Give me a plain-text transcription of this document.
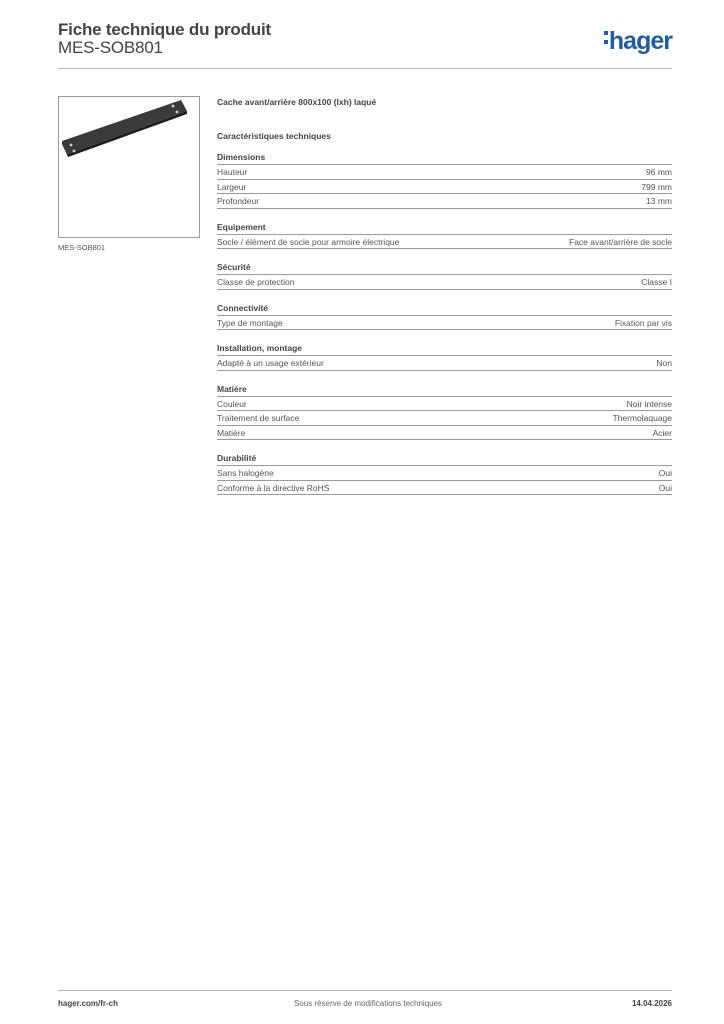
Fiche technique du produit
MES-SOB801	hager
MES-SOB801
Cache avant/arrière 800x100 (lxh) laqué
Caractéristiques techniques
Dimensions
Hauteur	96 mm
Largeur	799 mm
Profondeur	13 mm
Equipement
Socle / élément de socle pour armoire électrique	Face avant/arrière de socle
Sécurité
Classe de protection	Classe I
Connectivité
Type de montage	Fixation par vis
Installation, montage
Adapté à un usage extérieur	Non
Matière
Couleur	Noir intense
Traitement de surface	Thermolaquage
Matière	Acier
Durabilité
Sans halogène	Oui
Conforme à la directive RoHS	Oui
hager.com/fr-ch	Sous réserve de modifications techniques	14.04.2026
